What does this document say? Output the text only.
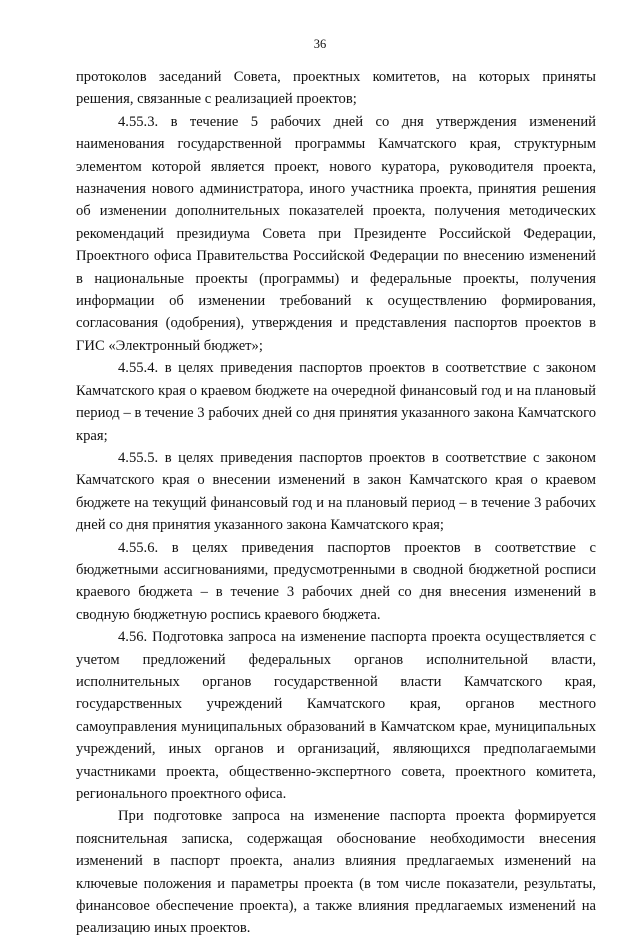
36

протоколов заседаний Совета, проектных комитетов, на которых приняты решения, связанные с реализацией проектов;

4.55.3. в течение 5 рабочих дней со дня утверждения изменений наименования государственной программы Камчатского края, структурным элементом которой является проект, нового куратора, руководителя проекта, назначения нового администратора, иного участника проекта, принятия решения об изменении дополнительных показателей проекта, получения методических рекомендаций президиума Совета при Президенте Российской Федерации, Проектного офиса Правительства Российской Федерации по внесению изменений в национальные проекты (программы) и федеральные проекты, получения информации об изменении требований к осуществлению формирования, согласования (одобрения), утверждения и представления паспортов проектов в ГИС «Электронный бюджет»;

4.55.4. в целях приведения паспортов проектов в соответствие с законом Камчатского края о краевом бюджете на очередной финансовый год и на плановый период – в течение 3 рабочих дней со дня принятия указанного закона Камчатского края;

4.55.5. в целях приведения паспортов проектов в соответствие с законом Камчатского края о внесении изменений в закон Камчатского края о краевом бюджете на текущий финансовый год и на плановый период – в течение 3 рабочих дней со дня принятия указанного закона Камчатского края;

4.55.6. в целях приведения паспортов проектов в соответствие с бюджетными ассигнованиями, предусмотренными в сводной бюджетной росписи краевого бюджета – в течение 3 рабочих дней со дня внесения изменений в сводную бюджетную роспись краевого бюджета.

4.56. Подготовка запроса на изменение паспорта проекта осуществляется с учетом предложений федеральных органов исполнительной власти, исполнительных органов государственной власти Камчатского края, государственных учреждений Камчатского края, органов местного самоуправления муниципальных образований в Камчатском крае, муниципальных учреждений, иных органов и организаций, являющихся предполагаемыми участниками проекта, общественно-экспертного совета, проектного комитета, регионального проектного офиса.

При подготовке запроса на изменение паспорта проекта формируется пояснительная записка, содержащая обоснование необходимости внесения изменений в паспорт проекта, анализ влияния предлагаемых изменений на ключевые положения и параметры проекта (в том числе показатели, результаты, финансовое обеспечение проекта), а также влияния предлагаемых изменений на реализацию иных проектов.
